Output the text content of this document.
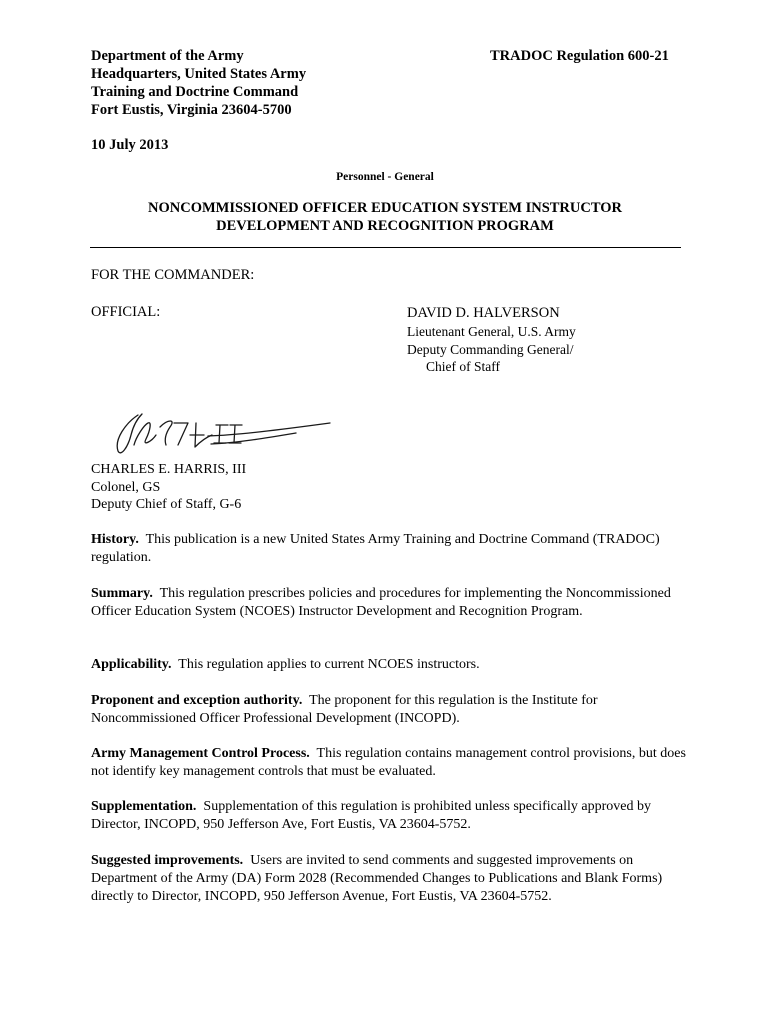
Department of the Army
Headquarters, United States Army
Training and Doctrine Command
Fort Eustis, Virginia 23604-5700
TRADOC Regulation 600-21
10 July 2013
Personnel - General
NONCOMMISSIONED OFFICER EDUCATION SYSTEM INSTRUCTOR
DEVELOPMENT AND RECOGNITION PROGRAM
FOR THE COMMANDER:
OFFICIAL:	DAVID D. HALVERSON
Lieutenant General, U.S. Army
Deputy Commanding General/
Chief of Staff
CHARLES E. HARRIS, III
Colonel, GS
Deputy Chief of Staff, G-6
History. This publication is a new United States Army Training and Doctrine Command (TRADOC) regulation.
Summary. This regulation prescribes policies and procedures for implementing the Noncommissioned Officer Education System (NCOES) Instructor Development and Recognition Program.
Applicability. This regulation applies to current NCOES instructors.
Proponent and exception authority. The proponent for this regulation is the Institute for Noncommissioned Officer Professional Development (INCOPD).
Army Management Control Process. This regulation contains management control provisions, but does not identify key management controls that must be evaluated.
Supplementation. Supplementation of this regulation is prohibited unless specifically approved by Director, INCOPD, 950 Jefferson Ave, Fort Eustis, VA 23604-5752.
Suggested improvements. Users are invited to send comments and suggested improvements on Department of the Army (DA) Form 2028 (Recommended Changes to Publications and Blank Forms) directly to Director, INCOPD, 950 Jefferson Avenue, Fort Eustis, VA 23604-5752.
